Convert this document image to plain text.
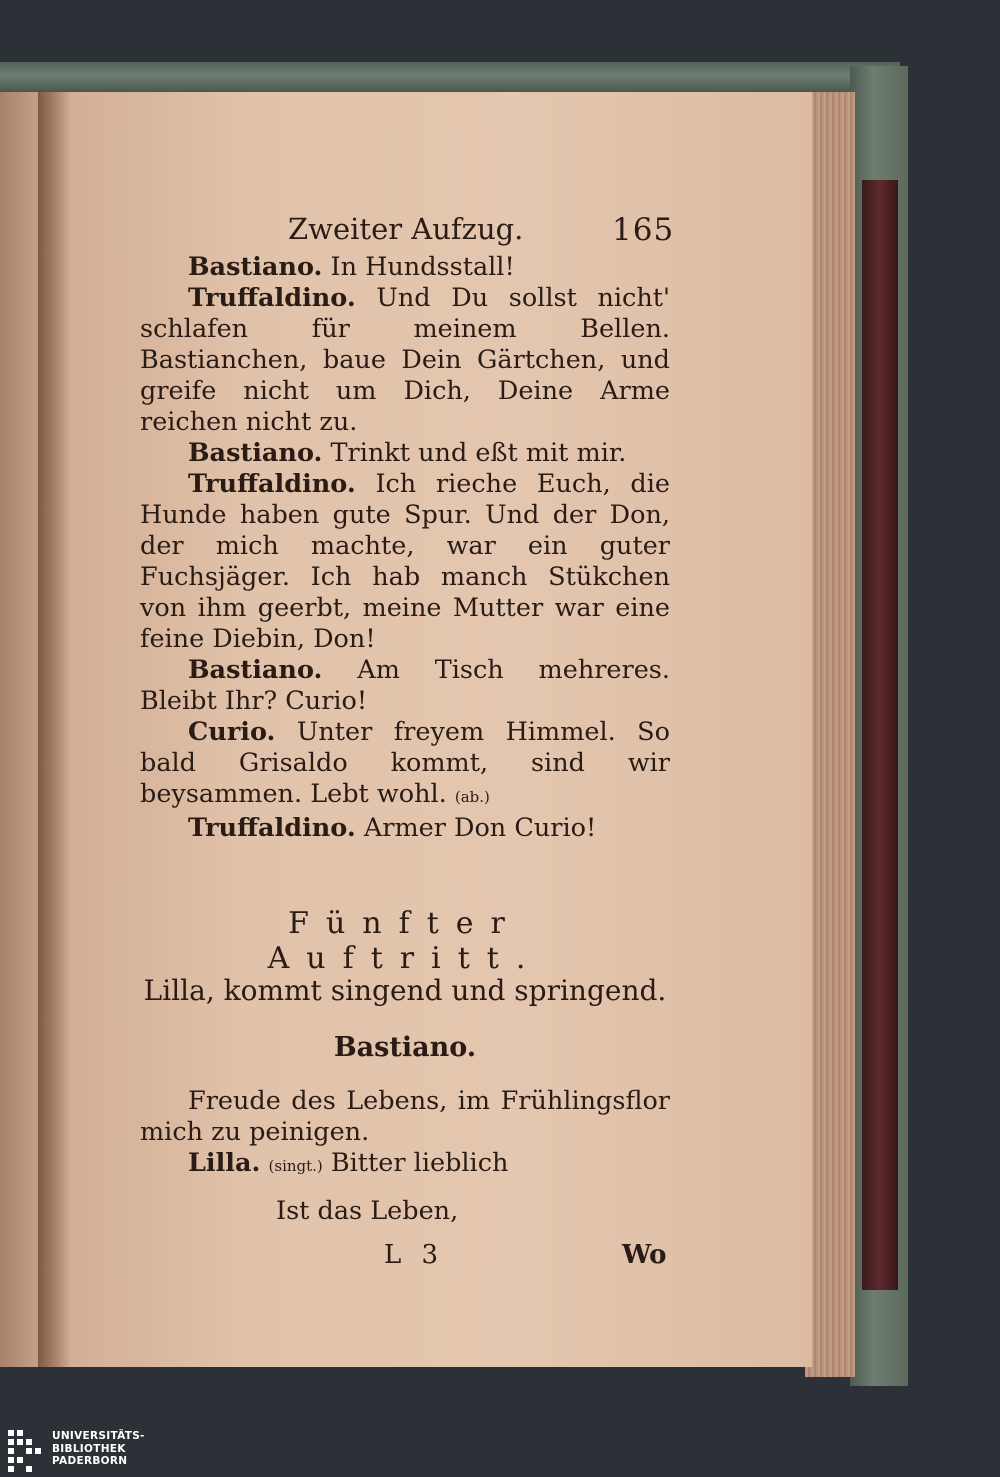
Zweiter Aufzug.	165

Bastiano. In Hundsstall!

Truffaldino. Und Du sollst nicht' schlafen für meinem Bellen. Bastianchen, baue Dein Gärtchen, und greife nicht um Dich, Deine Arme reichen nicht zu.

Bastiano. Trinkt und eßt mit mir.

Truffaldino. Ich rieche Euch, die Hunde haben gute Spur. Und der Don, der mich machte, war ein guter Fuchsjäger. Ich hab manch Stükchen von ihm geerbt, meine Mutter war eine feine Diebin, Don!

Bastiano. Am Tisch mehreres. Bleibt Ihr? Curio!

Curio. Unter freyem Himmel. So bald Grisaldo kommt, sind wir beysammen. Lebt wohl. (ab.)

Truffaldino. Armer Don Curio!

Fünfter Auftritt.
Lilla, kommt singend und springend.
Bastiano.

Freude des Lebens, im Frühlingsflor mich zu peinigen.

Lilla. (singt.) Bitter lieblich

Ist das Leben,
L 3	Wo
UNIVERSITÄTS-
BIBLIOTHEK
PADERBORN
